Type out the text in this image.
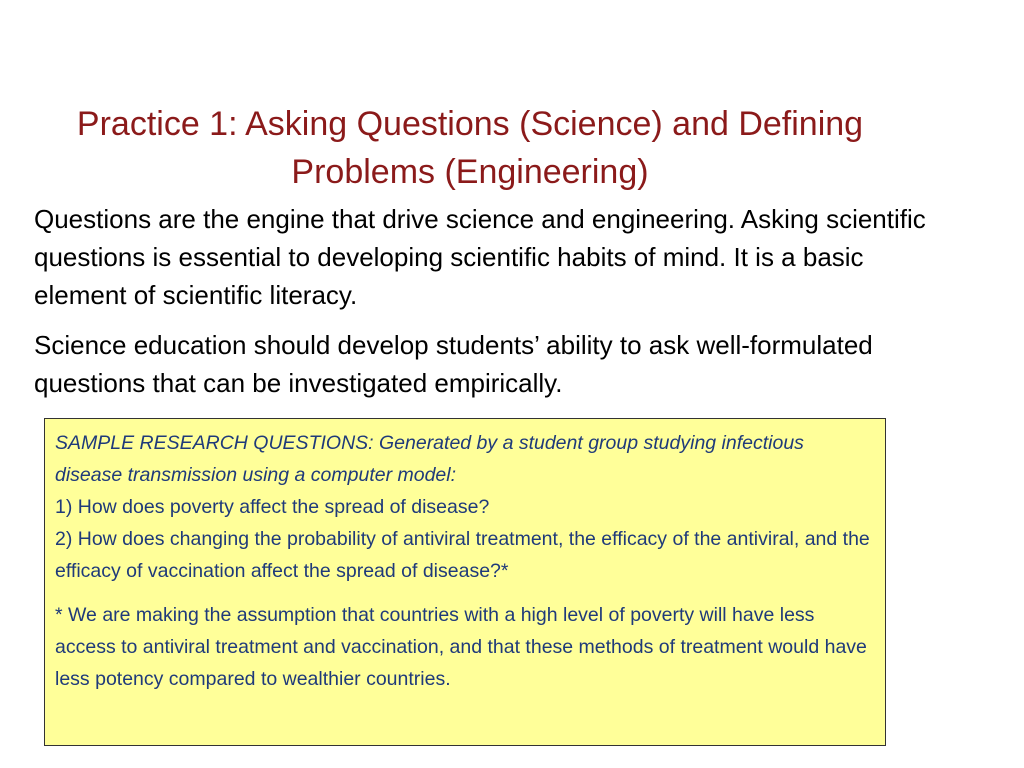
Practice 1: Asking Questions (Science) and Defining Problems (Engineering)

Questions are the engine that drive science and engineering. Asking scientific questions is essential to developing scientific habits of mind. It is a basic element of scientific literacy.

Science education should develop students’ ability to ask well-formulated questions that can be investigated empirically.

SAMPLE RESEARCH QUESTIONS: Generated by a student group studying infectious disease transmission using a computer model:

1) How does poverty affect the spread of disease?

2) How does changing the probability of antiviral treatment, the efficacy of the antiviral, and the efficacy of vaccination affect the spread of disease?*

* We are making the assumption that countries with a high level of poverty will have less access to antiviral treatment and vaccination, and that these methods of treatment would have less potency compared to wealthier countries.
